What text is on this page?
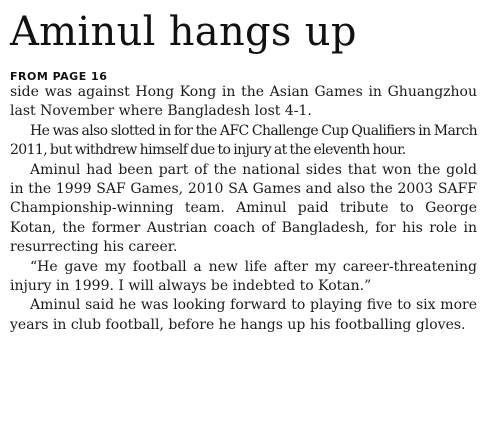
Aminul hangs up
FROM PAGE 16

side was against Hong Kong in the Asian Games in Ghuangzhou last November where Bangladesh lost 4-1.

He was also slotted in for the AFC Challenge Cup Qualifiers in March 2011, but withdrew himself due to injury at the eleventh hour.

Aminul had been part of the national sides that won the gold in the 1999 SAF Games, 2010 SA Games and also the 2003 SAFF Championship-winning team. Aminul paid tribute to George Kotan, the former Austrian coach of Bangladesh, for his role in resurrecting his career.

“He gave my football a new life after my career-threatening injury in 1999. I will always be indebted to Kotan.”

Aminul said he was looking forward to playing five to six more years in club football, before he hangs up his footballing gloves.
